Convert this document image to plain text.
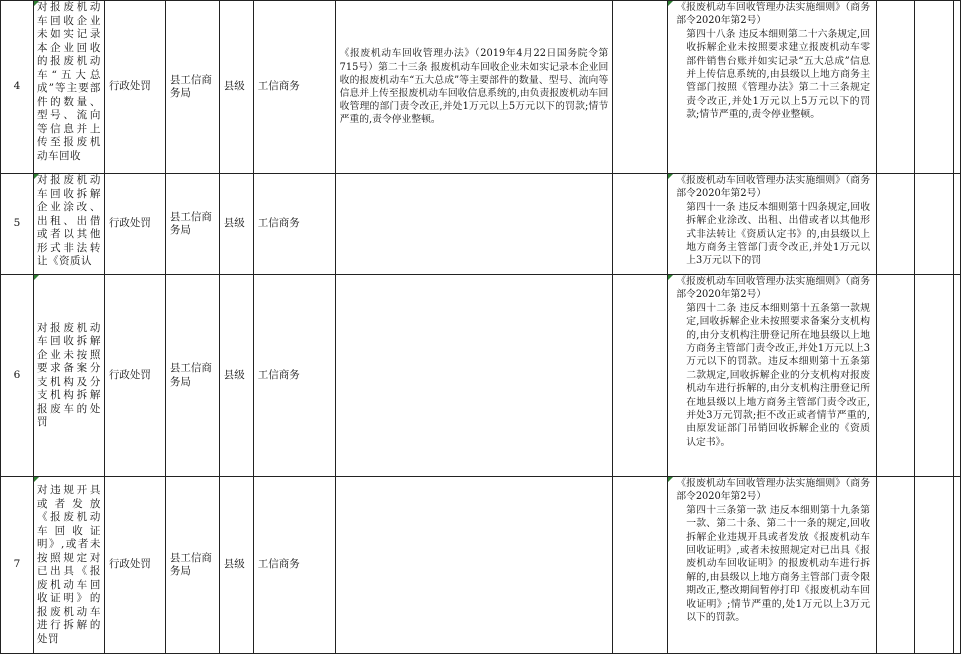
4	对报废机动车回收企业未如实记录本企业回收的报废机动车“五大总成”等主要部件的数量、型号、流向等信息并上传至报废机动车回收	行政处罚	县工信商务局	县级	工信商务	《报废机动车回收管理办法》（2019年4月22日国务院令第715号）第二十三条 报废机动车回收企业未如实记录本企业回收的报废机动车“五大总成”等主要部件的数量、型号、流向等信息并上传至报废机动车回收信息系统的,由负责报废机动车回收管理的部门责令改正,并处1万元以上5万元以下的罚款;情节严重的,责令停业整顿。		《报废机动车回收管理办法实施细则》（商务部令2020年第2号）

第四十八条 违反本细则第二十六条规定,回收拆解企业未按照要求建立报废机动车零部件销售台账并如实记录“五大总成”信息并上传信息系统的,由县级以上地方商务主管部门按照《管理办法》第二十三条规定责令改正,并处1万元以上5万元以下的罚款;情节严重的,责令停业整顿。			

5	对报废机动车回收拆解企业涂改、出租、出借或者以其他形式非法转让《资质认	行政处罚	县工信商务局	县级	工信商务			《报废机动车回收管理办法实施细则》（商务部令2020年第2号）

第四十一条 违反本细则第十四条规定,回收拆解企业涂改、出租、出借或者以其他形式非法转让《资质认定书》的,由县级以上地方商务主管部门责令改正,并处1万元以上3万元以下的罚			

6	对报废机动车回收拆解企业未按照要求备案分支机构及分支机构拆解报废车的处罚	行政处罚	县工信商务局	县级	工信商务			《报废机动车回收管理办法实施细则》（商务部令2020年第2号）

第四十二条 违反本细则第十五条第一款规定,回收拆解企业未按照要求备案分支机构的,由分支机构注册登记所在地县级以上地方商务主管部门责令改正,并处1万元以上3万元以下的罚款。违反本细则第十五条第二款规定,回收拆解企业的分支机构对报废机动车进行拆解的,由分支机构注册登记所在地县级以上地方商务主管部门责令改正,并处3万元罚款;拒不改正或者情节严重的,由原发证部门吊销回收拆解企业的《资质认定书》。			

7	对违规开具或者发放《报废机动车回收证明》,或者未按照规定对已出具《报废机动车回收证明》的报废机动车进行拆解的处罚	行政处罚	县工信商务局	县级	工信商务			《报废机动车回收管理办法实施细则》（商务部令2020年第2号）

第四十三条第一款 违反本细则第十九条第一款、第二十条、第二十一条的规定,回收拆解企业违规开具或者发放《报废机动车回收证明》,或者未按照规定对已出具《报废机动车回收证明》的报废机动车进行拆解的,由县级以上地方商务主管部门责令限期改正,整改期间暂停打印《报废机动车回收证明》;情节严重的,处1万元以上3万元以下的罚款。			
